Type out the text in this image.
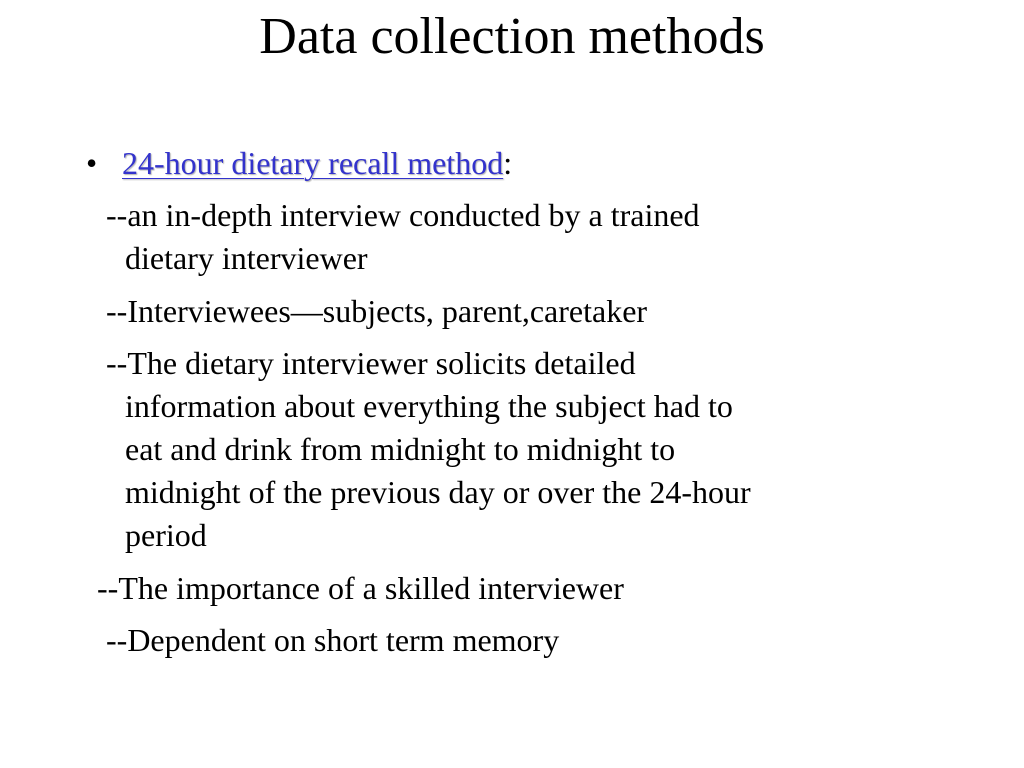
Data collection methods
• 24-hour dietary recall method:

--an in-depth interview conducted by a trained
dietary interviewer

--Interviewees—subjects, parent,caretaker

--The dietary interviewer solicits detailed
information about everything the subject had to
eat and drink from midnight to midnight to
midnight of the previous day or over the 24-hour
period

--The importance of a skilled interviewer

--Dependent on short term memory
